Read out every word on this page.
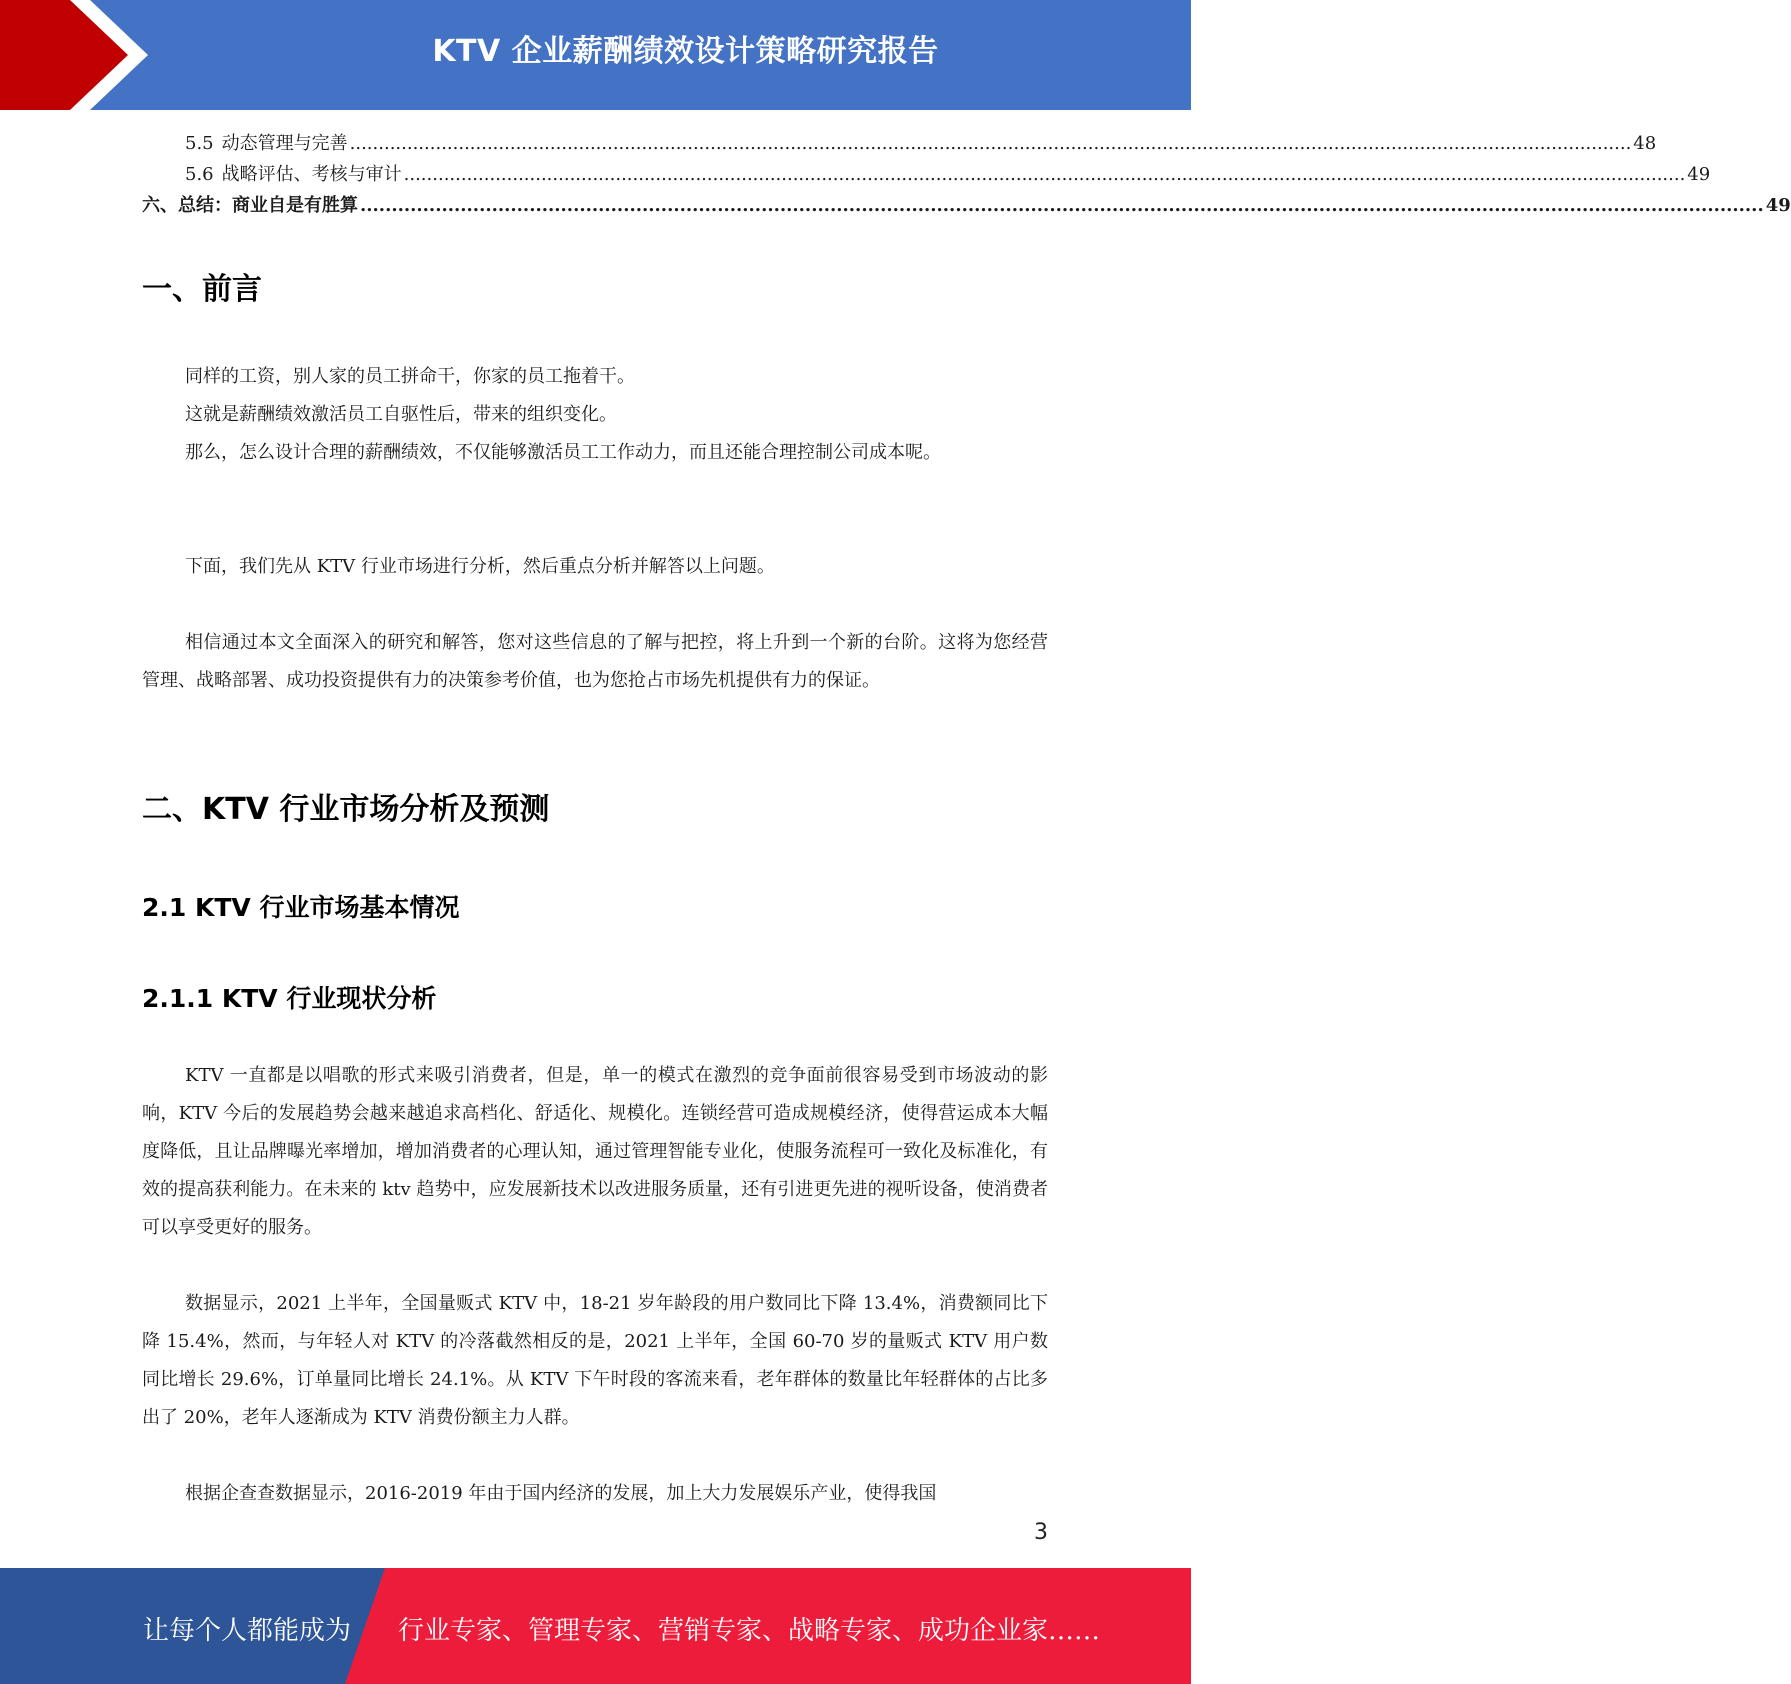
KTV 企业薪酬绩效设计策略研究报告
5.5 动态管理与完善 ................................................................................................................................................................................................................................ 48
5.6 战略评估、考核与审计 ................................................................................................................................................................................................................................ 49
六、 总结：商业自是有胜算 ................................................................................................................................................................................................................................ 49
一、前言

同样的工资，别人家的员工拼命干，你家的员工拖着干。

这就是薪酬绩效激活员工自驱性后，带来的组织变化。

那么，怎么设计合理的薪酬绩效，不仅能够激活员工工作动力，而且还能合理控制公司成本呢。

下面，我们先从 KTV 行业市场进行分析，然后重点分析并解答以上问题。

相信通过本文全面深入的研究和解答，您对这些信息的了解与把控，将上升到一个新的台阶。这将为您经营管理、战略部署、成功投资提供有力的决策参考价值，也为您抢占市场先机提供有力的保证。

二、KTV 行业市场分析及预测
2.1 KTV 行业市场基本情况
2.1.1 KTV 行业现状分析

KTV 一直都是以唱歌的形式来吸引消费者，但是，单一的模式在激烈的竞争面前很容易受到市场波动的影响，KTV 今后的发展趋势会越来越追求高档化、舒适化、规模化。连锁经营可造成规模经济，使得营运成本大幅度降低，且让品牌曝光率增加，增加消费者的心理认知，通过管理智能专业化，使服务流程可一致化及标准化，有效的提高获利能力。在未来的 ktv 趋势中，应发展新技术以改进服务质量，还有引进更先进的视听设备，使消费者可以享受更好的服务。

数据显示，2021 上半年，全国量贩式 KTV 中，18-21 岁年龄段的用户数同比下降 13.4%，消费额同比下降 15.4%，然而，与年轻人对 KTV 的冷落截然相反的是，2021 上半年，全国 60-70 岁的量贩式 KTV 用户数同比增长 29.6%，订单量同比增长 24.1%。从 KTV 下午时段的客流来看，老年群体的数量比年轻群体的占比多出了 20%，老年人逐渐成为 KTV 消费份额主力人群。

根据企查查数据显示，2016-2019 年由于国内经济的发展，加上大力发展娱乐产业，使得我国

3
让每个人都能成为 行业专家、管理专家、营销专家、战略专家、成功企业家……
